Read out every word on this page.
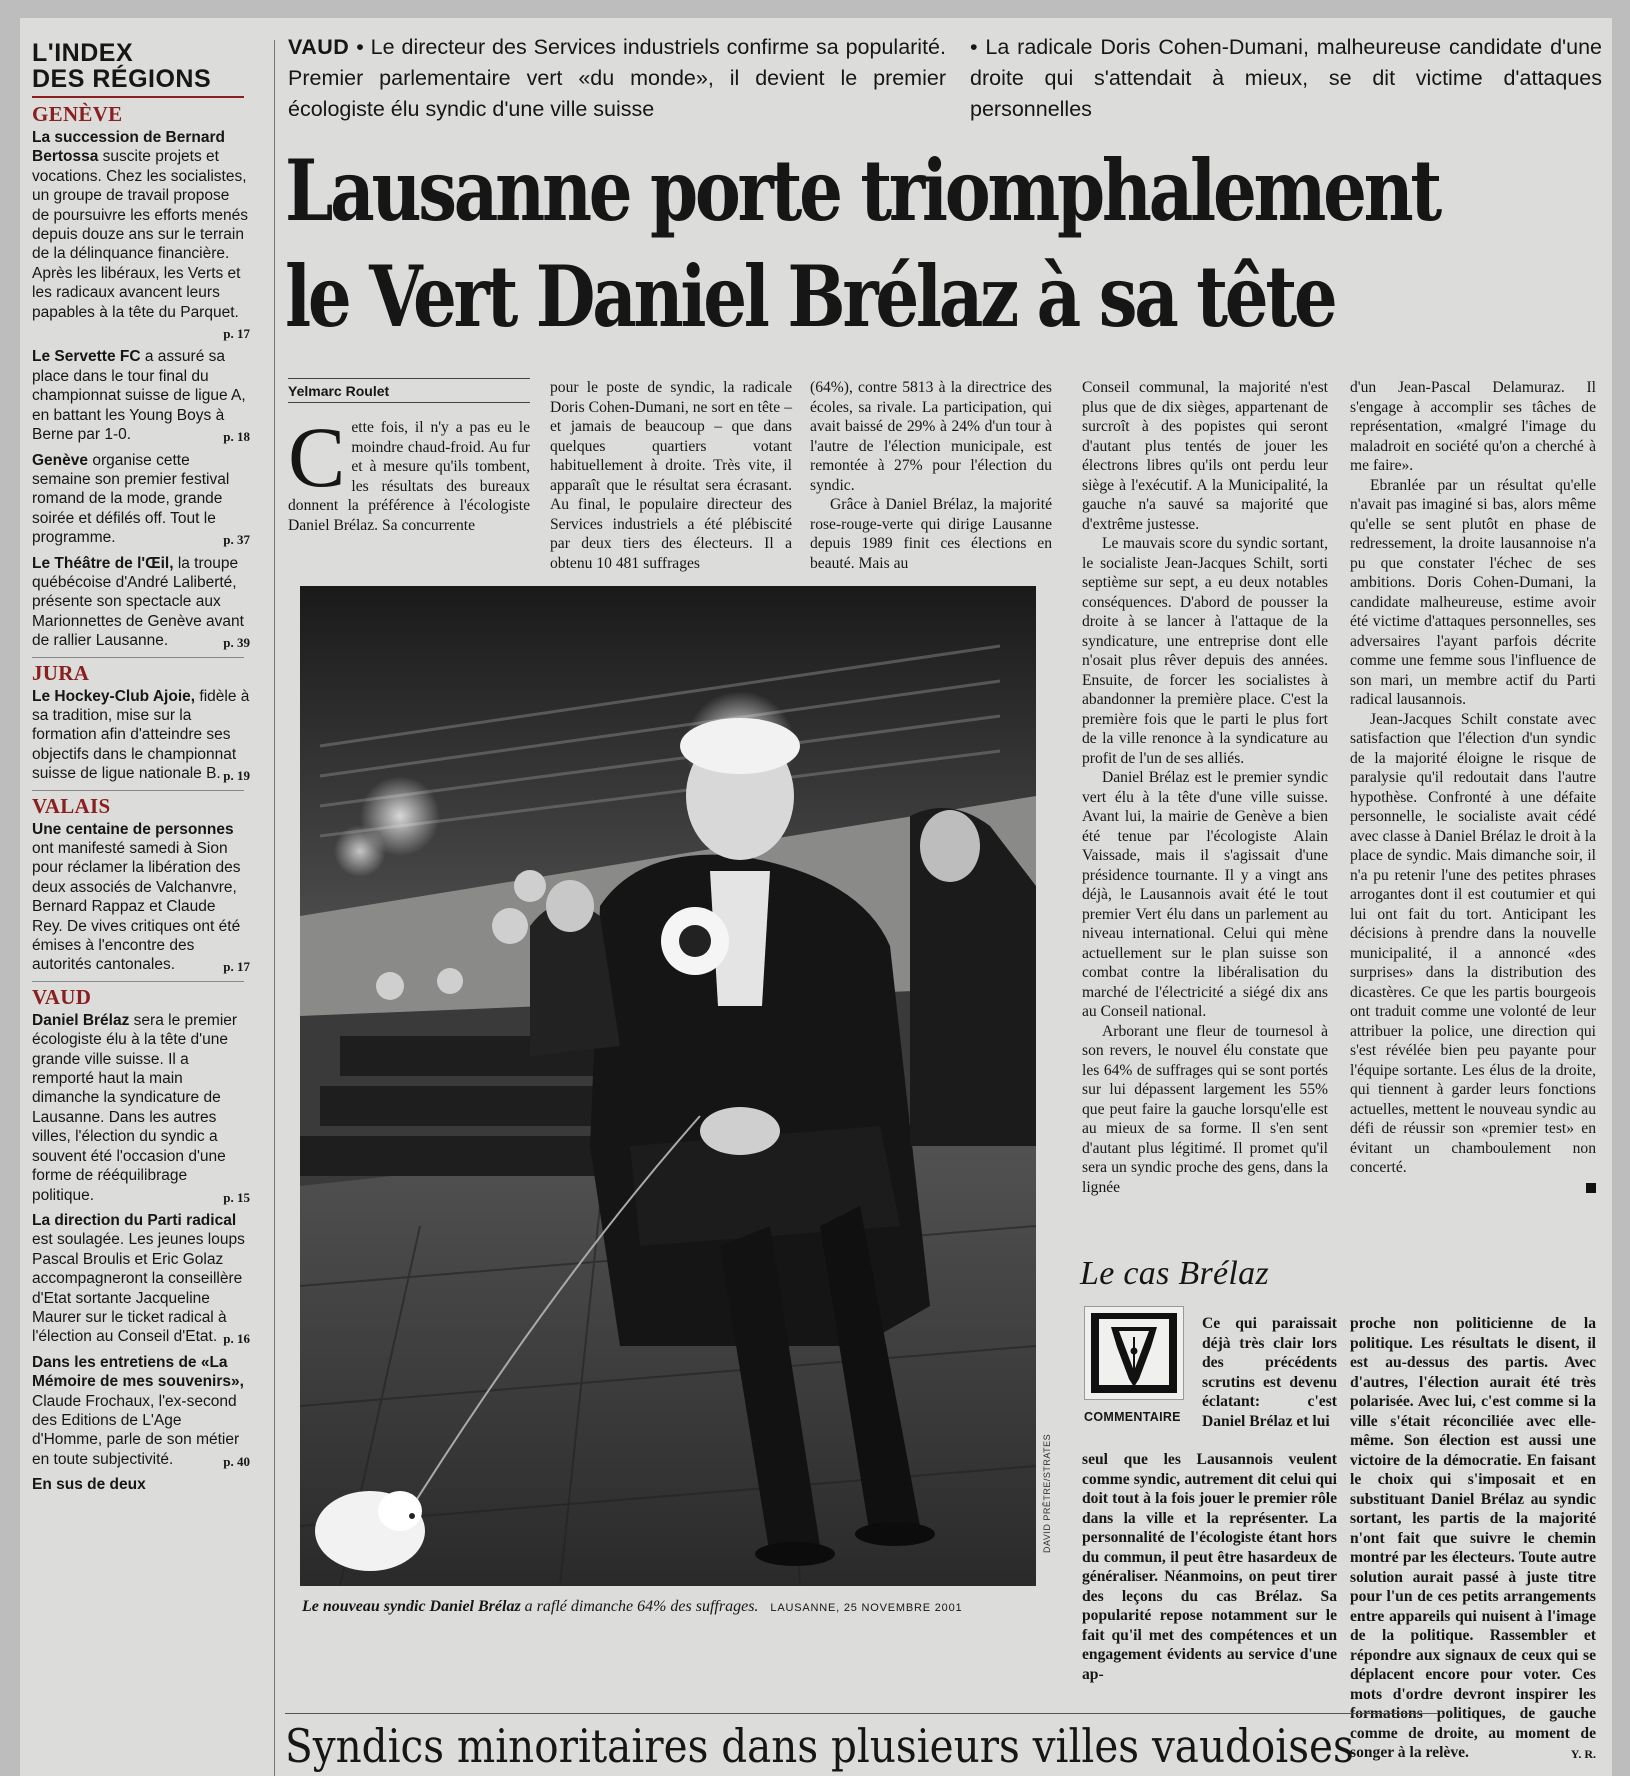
L'INDEX
DES RÉGIONS
GENÈVE
La succession de Bernard Bertossa suscite projets et vocations. Chez les socialistes, un groupe de travail propose de poursuivre les efforts menés depuis douze ans sur le terrain de la délinquance financière. Après les libéraux, les Verts et les radicaux avancent leurs papables à la tête du Parquet.
p. 17
Le Servette FC a assuré sa place dans le tour final du championnat suisse de ligue A, en battant les Young Boys à Berne par 1-0.	p. 18
Genève organise cette semaine son premier festival romand de la mode, grande soirée et défilés off. Tout le programme.	p. 37
Le Théâtre de l'Œil, la troupe québécoise d'André Laliberté, présente son spectacle aux Marionnettes de Genève avant de rallier Lausanne.	p. 39
JURA
Le Hockey-Club Ajoie, fidèle à sa tradition, mise sur la formation afin d'atteindre ses objectifs dans le championnat suisse de ligue nationale B. p. 19
VALAIS
Une centaine de personnes ont manifesté samedi à Sion pour réclamer la libération des deux associés de Valchanvre, Bernard Rappaz et Claude Rey. De vives critiques ont été émises à l'encontre des autorités cantonales.	p. 17
VAUD
Daniel Brélaz sera le premier écologiste élu à la tête d'une grande ville suisse. Il a remporté haut la main dimanche la syndicature de Lausanne. Dans les autres villes, l'élection du syndic a souvent été l'occasion d'une forme de rééquilibrage politique.	p. 15
La direction du Parti radical est soulagée. Les jeunes loups Pascal Broulis et Eric Golaz accompagneront la conseillère d'Etat sortante Jacqueline Maurer sur le ticket radical à l'élection au Conseil d'Etat. p. 16
Dans les entretiens de «La Mémoire de mes souvenirs», Claude Frochaux, l'ex-second des Editions de L'Age d'Homme, parle de son métier en toute subjectivité.	p. 40
En sus de deux
VAUD • Le directeur des Services industriels confirme sa popularité. Premier parlementaire vert «du monde», il devient le premier écologiste élu syndic d'une ville suisse
• La radicale Doris Cohen-Dumani, malheureuse candidate d'une droite qui s'attendait à mieux, se dit victime d'attaques personnelles
Lausanne porte triomphalement
le Vert Daniel Brélaz à sa tête
Yelmarc Roulet

Cette fois, il n'y a pas eu le moindre chaud-froid. Au fur et à mesure qu'ils tombent, les résultats des bureaux donnent la préférence à l'écologiste Daniel Brélaz. Sa concurrente

pour le poste de syndic, la radicale Doris Cohen-Dumani, ne sort en tête – et jamais de beaucoup – que dans quelques quartiers votant habituellement à droite. Très vite, il apparaît que le résultat sera écrasant. Au final, le populaire directeur des Services industriels a été plébiscité par deux tiers des électeurs. Il a obtenu 10 481 suffrages

(64%), contre 5813 à la directrice des écoles, sa rivale. La participation, qui avait baissé de 29% à 24% d'un tour à l'autre de l'élection municipale, est remontée à 27% pour l'élection du syndic.

Grâce à Daniel Brélaz, la majorité rose-rouge-verte qui dirige Lausanne depuis 1989 finit ces élections en beauté. Mais au

Conseil communal, la majorité n'est plus que de dix sièges, appartenant de surcroît à des popistes qui seront d'autant plus tentés de jouer les électrons libres qu'ils ont perdu leur siège à l'exécutif. A la Municipalité, la gauche n'a sauvé sa majorité que d'extrême justesse.

Le mauvais score du syndic sortant, le socialiste Jean-Jacques Schilt, sorti septième sur sept, a eu deux notables conséquences. D'abord de pousser la droite à se lancer à l'attaque de la syndicature, une entreprise dont elle n'osait plus rêver depuis des années. Ensuite, de forcer les socialistes à abandonner la première place. C'est la première fois que le parti le plus fort de la ville renonce à la syndicature au profit de l'un de ses alliés.

Daniel Brélaz est le premier syndic vert élu à la tête d'une ville suisse. Avant lui, la mairie de Genève a bien été tenue par l'écologiste Alain Vaissade, mais il s'agissait d'une présidence tournante. Il y a vingt ans déjà, le Lausannois avait été le tout premier Vert élu dans un parlement au niveau international. Celui qui mène actuellement sur le plan suisse son combat contre la libéralisation du marché de l'électricité a siégé dix ans au Conseil national.

Arborant une fleur de tournesol à son revers, le nouvel élu constate que les 64% de suffrages qui se sont portés sur lui dépassent largement les 55% que peut faire la gauche lorsqu'elle est au mieux de sa forme. Il s'en sent d'autant plus légitimé. Il promet qu'il sera un syndic proche des gens, dans la lignée

d'un Jean-Pascal Delamuraz. Il s'engage à accomplir ses tâches de représentation, «malgré l'image du maladroit en société qu'on a cherché à me faire».

Ebranlée par un résultat qu'elle n'avait pas imaginé si bas, alors même qu'elle se sent plutôt en phase de redressement, la droite lausannoise n'a pu que constater l'échec de ses ambitions. Doris Cohen-Dumani, la candidate malheureuse, estime avoir été victime d'attaques personnelles, ses adversaires l'ayant parfois décrite comme une femme sous l'influence de son mari, un membre actif du Parti radical lausannois.

Jean-Jacques Schilt constate avec satisfaction que l'élection d'un syndic de la majorité éloigne le risque de paralysie qu'il redoutait dans l'autre hypothèse. Confronté à une défaite personnelle, le socialiste avait cédé avec classe à Daniel Brélaz le droit à la place de syndic. Mais dimanche soir, il n'a pu retenir l'une des petites phrases arrogantes dont il est coutumier et qui lui ont fait du tort. Anticipant les décisions à prendre dans la nouvelle municipalité, il a annoncé «des surprises» dans la distribution des dicastères. Ce que les partis bourgeois ont traduit comme une volonté de leur attribuer la police, une direction qui s'est révélée bien peu payante pour l'équipe sortante. Les élus de la droite, qui tiennent à garder leurs fonctions actuelles, mettent le nouveau syndic au défi de réussir son «premier test» en évitant un chamboulement non concerté.

DAVID PRÊTRE/STRATES
Le nouveau syndic Daniel Brélaz a raflé dimanche 64% des suffrages. LAUSANNE, 25 NOVEMBRE 2001
Le cas Brélaz
COMMENTAIRE
Ce qui paraissait déjà très clair lors des précédents scrutins est devenu éclatant: c'est Daniel Brélaz et lui
seul que les Lausannois veulent comme syndic, autrement dit celui qui doit tout à la fois jouer le premier rôle dans la ville et la représenter. La personnalité de l'écologiste étant hors du commun, il peut être hasardeux de généraliser. Néanmoins, on peut tirer des leçons du cas Brélaz. Sa popularité repose notamment sur le fait qu'il met des compétences et un engagement évidents au service d'une ap-
proche non politicienne de la politique. Les résultats le disent, il est au-dessus des partis. Avec d'autres, l'élection aurait été très polarisée. Avec lui, c'est comme si la ville s'était réconciliée avec elle-même. Son élection est aussi une victoire de la démocratie. En faisant le choix qui s'imposait et en substituant Daniel Brélaz au syndic sortant, les partis de la majorité n'ont fait que suivre le chemin montré par les électeurs. Toute autre solution aurait passé à juste titre pour l'un de ces petits arrangements entre appareils qui nuisent à l'image de la politique. Rassembler et répondre aux signaux de ceux qui se déplacent encore pour voter. Ces mots d'ordre devront inspirer les formations politiques, de gauche comme de droite, au moment de songer à la relève.	Y. R.
Syndics minoritaires dans plusieurs villes vaudoises
